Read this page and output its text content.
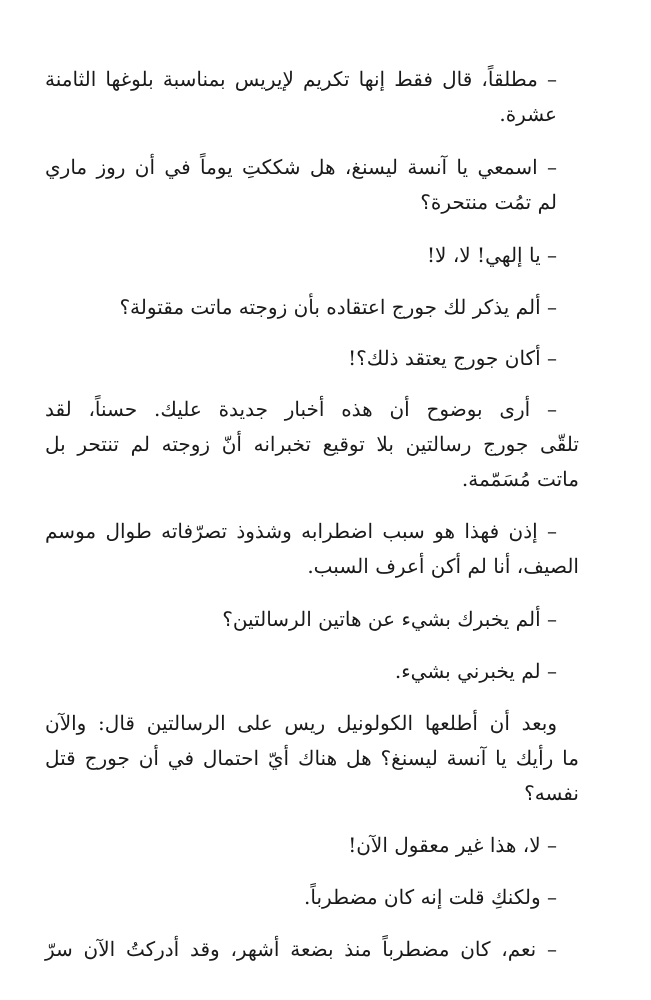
– مطلقاً، قال فقط إنها تكريم لإيريس بمناسبة بلوغها الثامنة
عشرة.

– اسمعي يا آنسة ليسنغ، هل شككتِ يوماً في أن روز ماري
لم تمُت منتحرة؟

– يا إلهي! لا، لا!

– ألم يذكر لك جورج اعتقاده بأن زوجته ماتت مقتولة؟

– أكان جورج يعتقد ذلك؟!

– أرى بوضوح أن هذه أخبار جديدة عليك. حسناً، لقد
تلقّى جورج رسالتين بلا توقيع تخبرانه أنّ زوجته لم تنتحر بل
ماتت مُسَمّمة.

– إذن فهذا هو سبب اضطرابه وشذوذ تصرّفاته طوال موسم
الصيف، أنا لم أكن أعرف السبب.

– ألم يخبرك بشيء عن هاتين الرسالتين؟

– لم يخبرني بشيء.

وبعد أن أطلعها الكولونيل ريس على الرسالتين قال: والآن
ما رأيك يا آنسة ليسنغ؟ هل هناك أيّ احتمال في أن جورج قتل
نفسه؟

– لا، هذا غير معقول الآن!

– ولكنكِ قلت إنه كان مضطرباً.

– نعم، كان مضطرباً منذ بضعة أشهر، وقد أدركتُ الآن سرّ
